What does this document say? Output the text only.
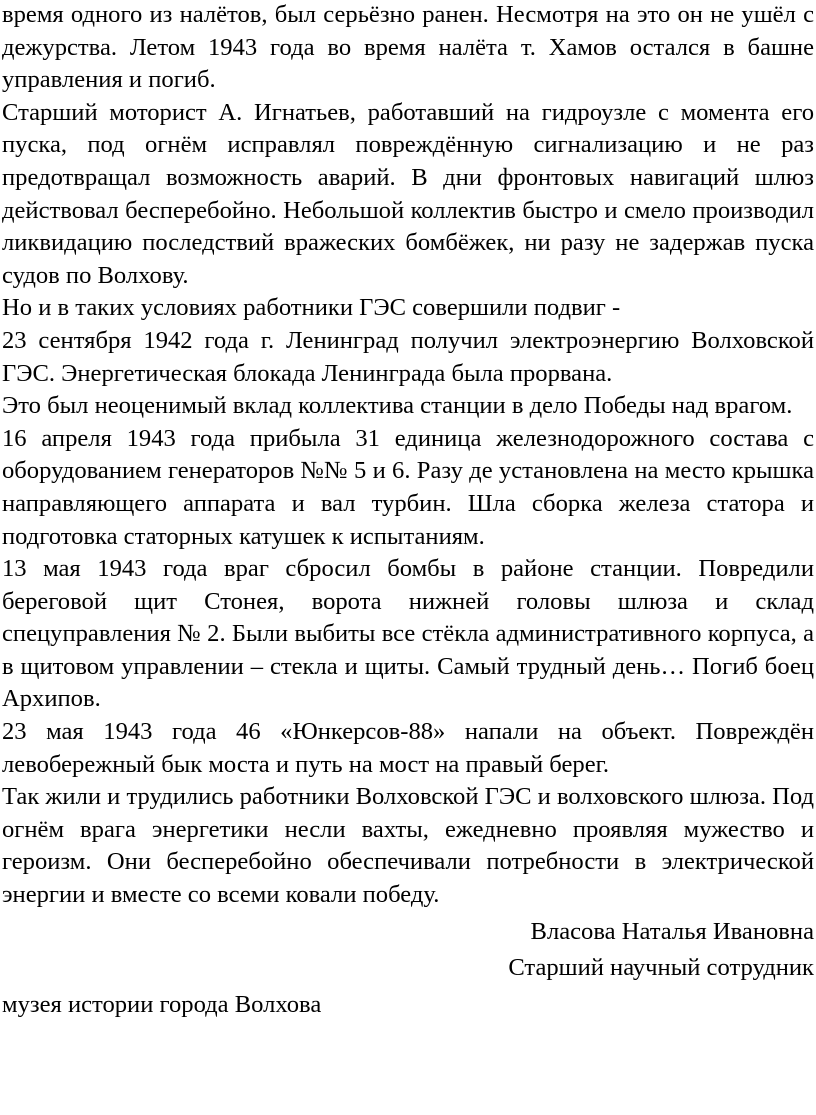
время одного из налётов, был серьёзно ранен. Несмотря на это он не ушёл с дежурства. Летом 1943 года во время налёта т. Хамов остался в башне управления и погиб.

Старший моторист А. Игнатьев, работавший на гидроузле с момента его пуска, под огнём исправлял повреждённую сигнализацию и не раз предотвращал возможность аварий. В дни фронтовых навигаций шлюз действовал бесперебойно. Небольшой коллектив быстро и смело производил ликвидацию последствий вражеских бомбёжек, ни разу не задержав пуска судов по Волхову.

Но и в таких условиях работники ГЭС совершили подвиг -

23 сентября 1942 года г. Ленинград получил электроэнергию Волховской ГЭС. Энергетическая блокада Ленинграда была прорвана.

Это был неоценимый вклад коллектива станции в дело Победы над врагом.

16 апреля 1943 года прибыла 31 единица железнодорожного состава с оборудованием генераторов №№ 5 и 6. Разу де установлена на место крышка направляющего аппарата и вал турбин. Шла сборка железа статора и подготовка статорных катушек к испытаниям.

13 мая 1943 года враг сбросил бомбы в районе станции. Повредили береговой щит Стонея, ворота нижней головы шлюза и склад спецуправления № 2. Были выбиты все стёкла административного корпуса, а в щитовом управлении – стекла и щиты. Самый трудный день… Погиб боец Архипов.

23 мая 1943 года 46 «Юнкерсов-88» напали на объект. Повреждён левобережный бык моста и путь на мост на правый берег.

Так жили и трудились работники Волховской ГЭС и волховского шлюза. Под огнём врага энергетики несли вахты, ежедневно проявляя мужество и героизм. Они бесперебойно обеспечивали потребности в электрической энергии и вместе со всеми ковали победу.

Власова Наталья Ивановна

Старший научный сотрудник

музея истории города Волхова
